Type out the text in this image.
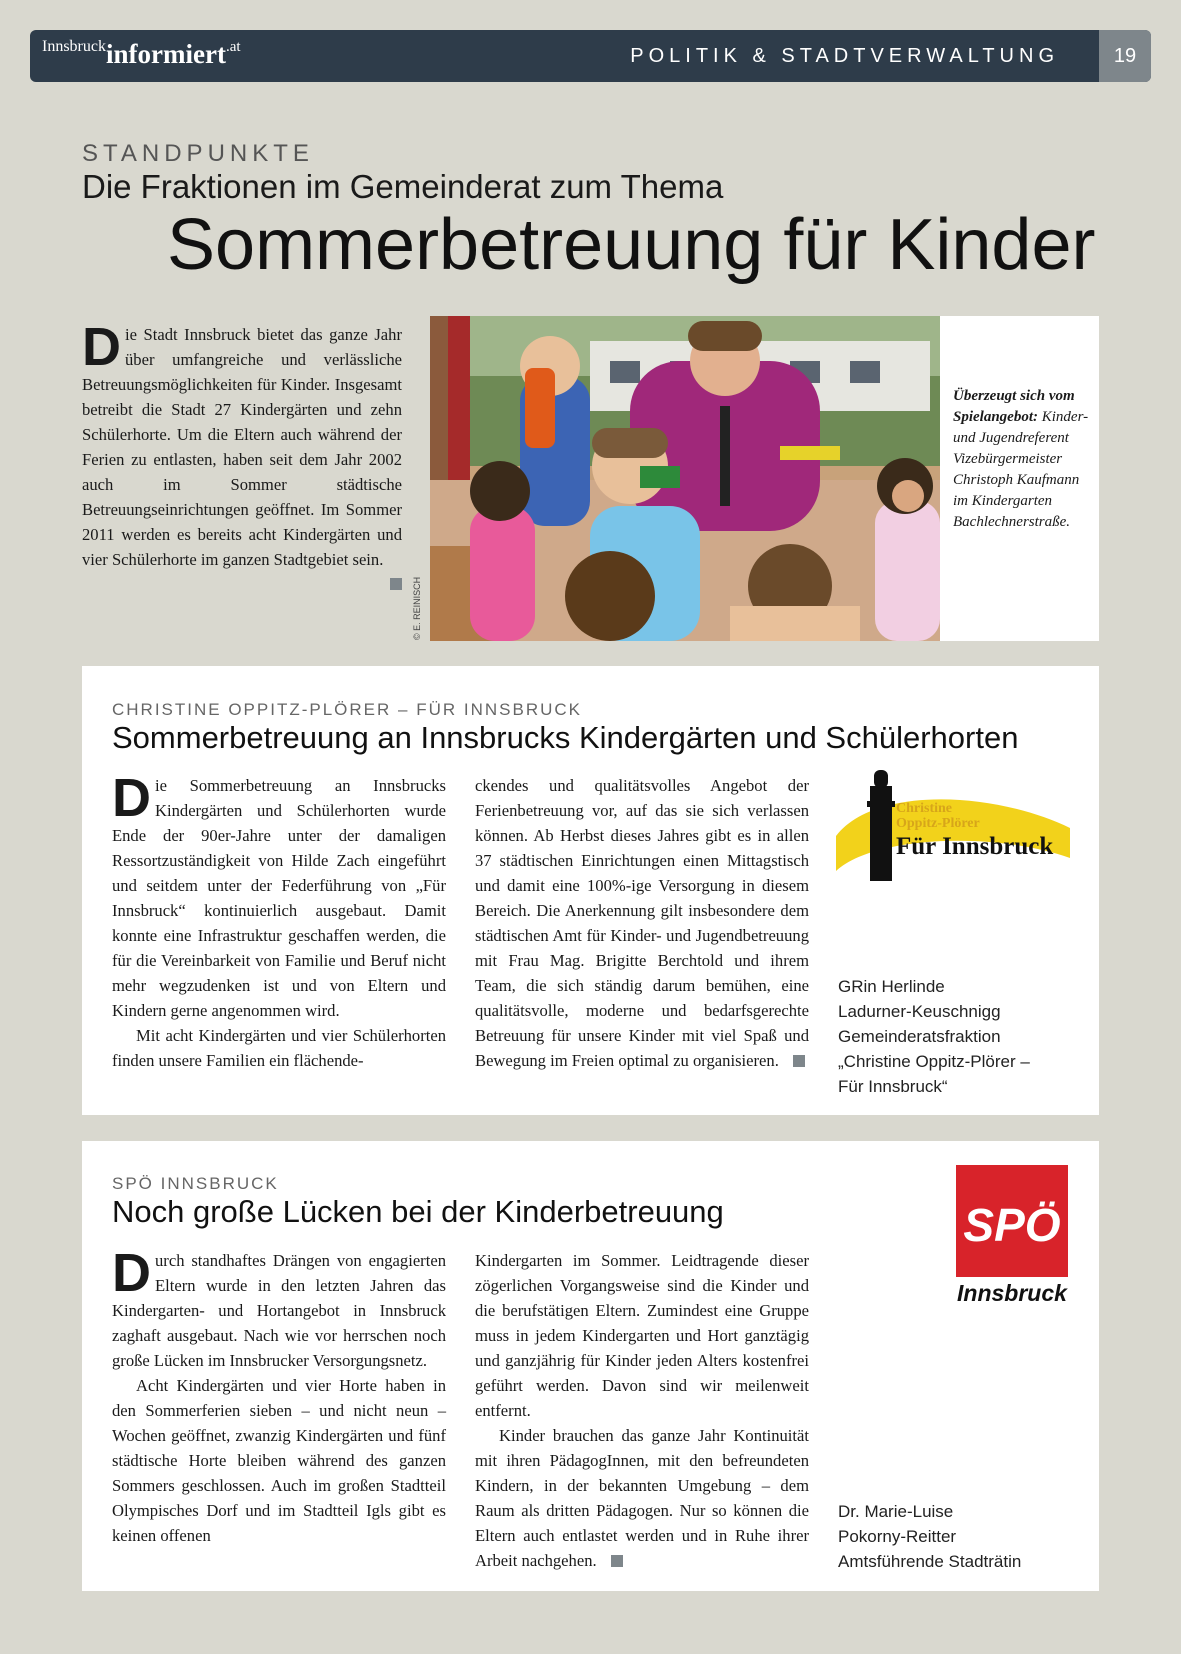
Innsbruckinformiert.at	POLITIK & STADTVERWALTUNG	19
STANDPUNKTE
Die Fraktionen im Gemeinderat zum Thema
Sommerbetreuung für Kinder
Die Stadt Innsbruck bietet das ganze Jahr über umfangreiche und verlässliche Betreuungsmöglichkeiten für Kinder. Insgesamt betreibt die Stadt 27 Kindergärten und zehn Schülerhorte. Um die Eltern auch während der Ferien zu entlasten, haben seit dem Jahr 2002 auch im Sommer städtische Betreuungseinrichtungen geöffnet. Im Sommer 2011 werden es bereits acht Kindergärten und vier Schülerhorte im ganzen Stadtgebiet sein.
© E. REINISCH
Überzeugt sich vom Spielangebot: Kinder- und Jugendreferent Vizebürgermeister Christoph Kaufmann im Kindergarten Bachlechnerstraße.
CHRISTINE OPPITZ-PLÖRER – FÜR INNSBRUCK
Sommerbetreuung an Innsbrucks Kindergärten und Schülerhorten

Die Sommerbetreuung an Innsbrucks Kindergärten und Schülerhorten wurde Ende der 90er-Jahre unter der damaligen Ressortzuständigkeit von Hilde Zach eingeführt und seitdem unter der Federführung von „Für Innsbruck“ kontinuierlich ausgebaut. Damit konnte eine Infrastruktur geschaffen werden, die für die Vereinbarkeit von Familie und Beruf nicht mehr wegzudenken ist und von Eltern und Kindern gerne angenommen wird.

Mit acht Kindergärten und vier Schülerhorten finden unsere Familien ein flächende-

ckendes und qualitätsvolles Angebot der Ferienbetreuung vor, auf das sie sich verlassen können. Ab Herbst dieses Jahres gibt es in allen 37 städtischen Einrichtungen einen Mittagstisch und damit eine 100%-ige Versorgung in diesem Bereich. Die Anerkennung gilt insbesondere dem städtischen Amt für Kinder- und Jugendbetreuung mit Frau Mag. Brigitte Berchtold und ihrem Team, die sich ständig darum bemühen, eine qualitätsvolle, moderne und bedarfsgerechte Betreuung für unsere Kinder mit viel Spaß und Bewegung im Freien optimal zu organisieren.

Christine
Oppitz-Plörer
Für Innsbruck
GRin Herlinde
Ladurner-Keuschnigg
Gemeinderatsfraktion
„Christine Oppitz-Plörer –
Für Innsbruck“
SPÖ INNSBRUCK
Noch große Lücken bei der Kinderbetreuung

Durch standhaftes Drängen von engagierten Eltern wurde in den letzten Jahren das Kindergarten- und Hortangebot in Innsbruck zaghaft ausgebaut. Nach wie vor herrschen noch große Lücken im Innsbrucker Versorgungsnetz.

Acht Kindergärten und vier Horte haben in den Sommerferien sieben – und nicht neun – Wochen geöffnet, zwanzig Kindergärten und fünf städtische Horte bleiben während des ganzen Sommers geschlossen. Auch im großen Stadtteil Olympisches Dorf und im Stadtteil Igls gibt es keinen offenen

Kindergarten im Sommer. Leidtragende dieser zögerlichen Vorgangsweise sind die Kinder und die berufstätigen Eltern. Zumindest eine Gruppe muss in jedem Kindergarten und Hort ganztägig und ganzjährig für Kinder jeden Alters kostenfrei geführt werden. Davon sind wir meilenweit entfernt.

Kinder brauchen das ganze Jahr Kontinuität mit ihren PädagogInnen, mit den befreundeten Kindern, in der bekannten Umgebung – dem Raum als dritten Pädagogen. Nur so können die Eltern auch entlastet werden und in Ruhe ihrer Arbeit nachgehen.

SPÖ
Innsbruck
Dr. Marie-Luise
Pokorny-Reitter
Amtsführende Stadträtin
